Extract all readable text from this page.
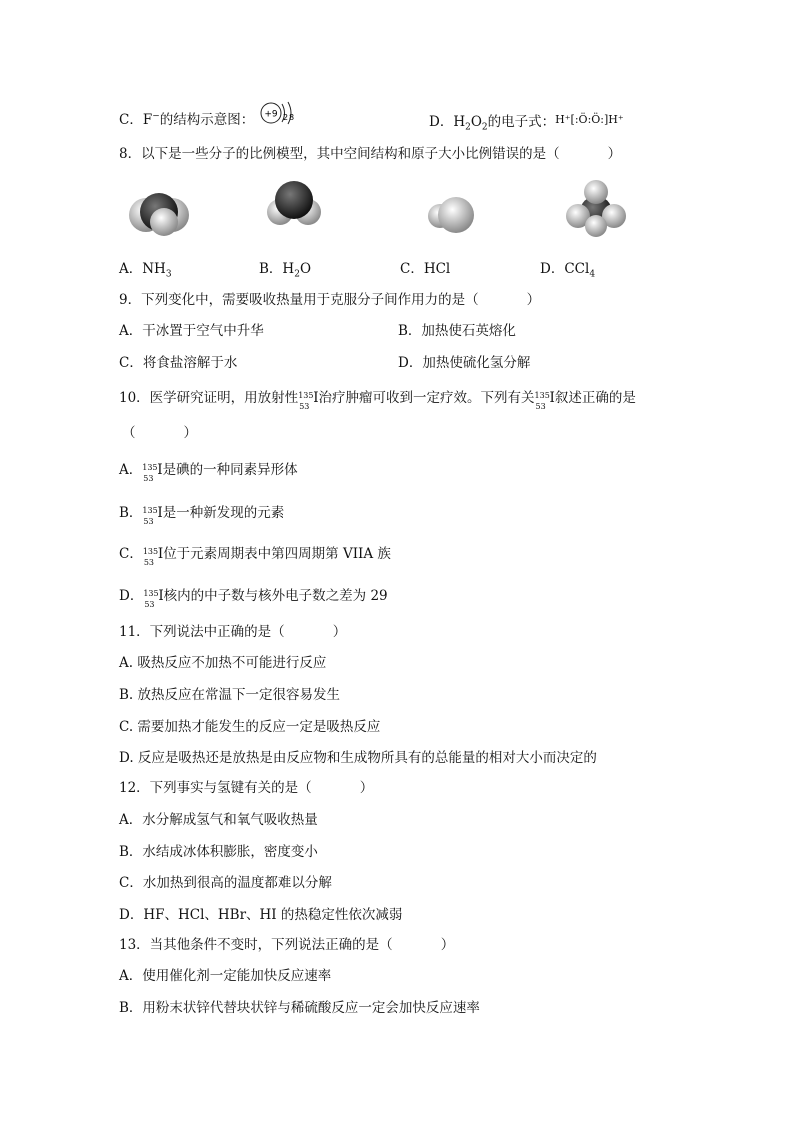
C．F−的结构示意图： +9 2 8	D．$H_2O_2$的电子式：$^{H^+[:Ö:Ö:]H^+}$
8．以下是一些分子的比例模型，其中空间结构和原子大小比例错误的是（	）
A．$NH_3$	B．$H_2O$	C．HCl	D．CCl$_4$
9．下列变化中，需要吸收热量用于克服分子间作用力的是（	）
A．干冰置于空气中升华	B．加热使石英熔化
C．将食盐溶解于水	D．加热使硫化氢分解
10．医学研究证明，用放射性 135
53
I治疗肿瘤可收到一定疗效。下列有关 135
53
I叙述正确的是
（	）
A． 135
53
I是碘的一种同素异形体
B． 135
53
I是一种新发现的元素
C． 135
53
I位于元素周期表中第四周期第 VIIA 族
D． 135
53
I核内的中子数与核外电子数之差为 29
11．下列说法中正确的是（	）
A. 吸热反应不加热不可能进行反应
B. 放热反应在常温下一定很容易发生
C. 需要加热才能发生的反应一定是吸热反应
D. 反应是吸热还是放热是由反应物和生成物所具有的总能量的相对大小而决定的
12．下列事实与氢键有关的是（	）
A．水分解成氢气和氧气吸收热量
B．水结成冰体积膨胀，密度变小
C．水加热到很高的温度都难以分解
D．HF、HCl、HBr、HI 的热稳定性依次减弱
13．当其他条件不变时，下列说法正确的是（	）
A．使用催化剂一定能加快反应速率
B．用粉末状锌代替块状锌与稀硫酸反应一定会加快反应速率
